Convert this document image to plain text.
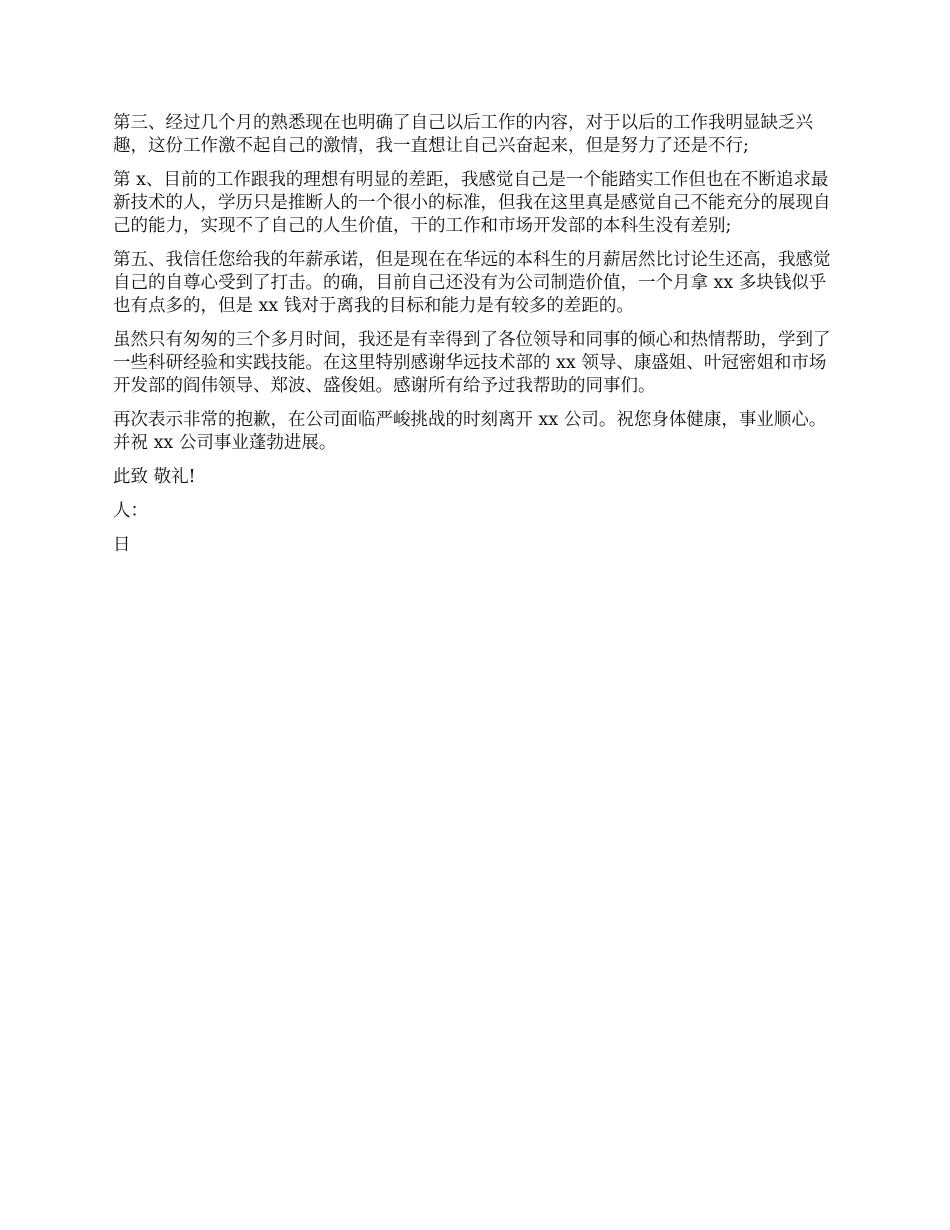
第三、经过几个月的熟悉现在也明确了自己以后工作的内容，对于以后的工作我明显缺乏兴趣，这份工作激不起自己的激情，我一直想让自己兴奋起来，但是努力了还是不行;

第 x、目前的工作跟我的理想有明显的差距，我感觉自己是一个能踏实工作但也在不断追求最新技术的人，学历只是推断人的一个很小的标准，但我在这里真是感觉自己不能充分的展现自己的能力，实现不了自己的人生价值，干的工作和市场开发部的本科生没有差别;

第五、我信任您给我的年薪承诺，但是现在在华远的本科生的月薪居然比讨论生还高，我感觉自己的自尊心受到了打击。的确，目前自己还没有为公司制造价值，一个月拿 xx 多块钱似乎也有点多的，但是 xx 钱对于离我的目标和能力是有较多的差距的。

虽然只有匆匆的三个多月时间，我还是有幸得到了各位领导和同事的倾心和热情帮助，学到了一些科研经验和实践技能。在这里特别感谢华远技术部的 xx 领导、康盛姐、叶冠密姐和市场开发部的阎伟领导、郑波、盛俊姐。感谢所有给予过我帮助的同事们。

再次表示非常的抱歉，在公司面临严峻挑战的时刻离开 xx 公司。祝您身体健康，事业顺心。并祝 xx 公司事业蓬勃进展。

此致 敬礼!

人：

日
